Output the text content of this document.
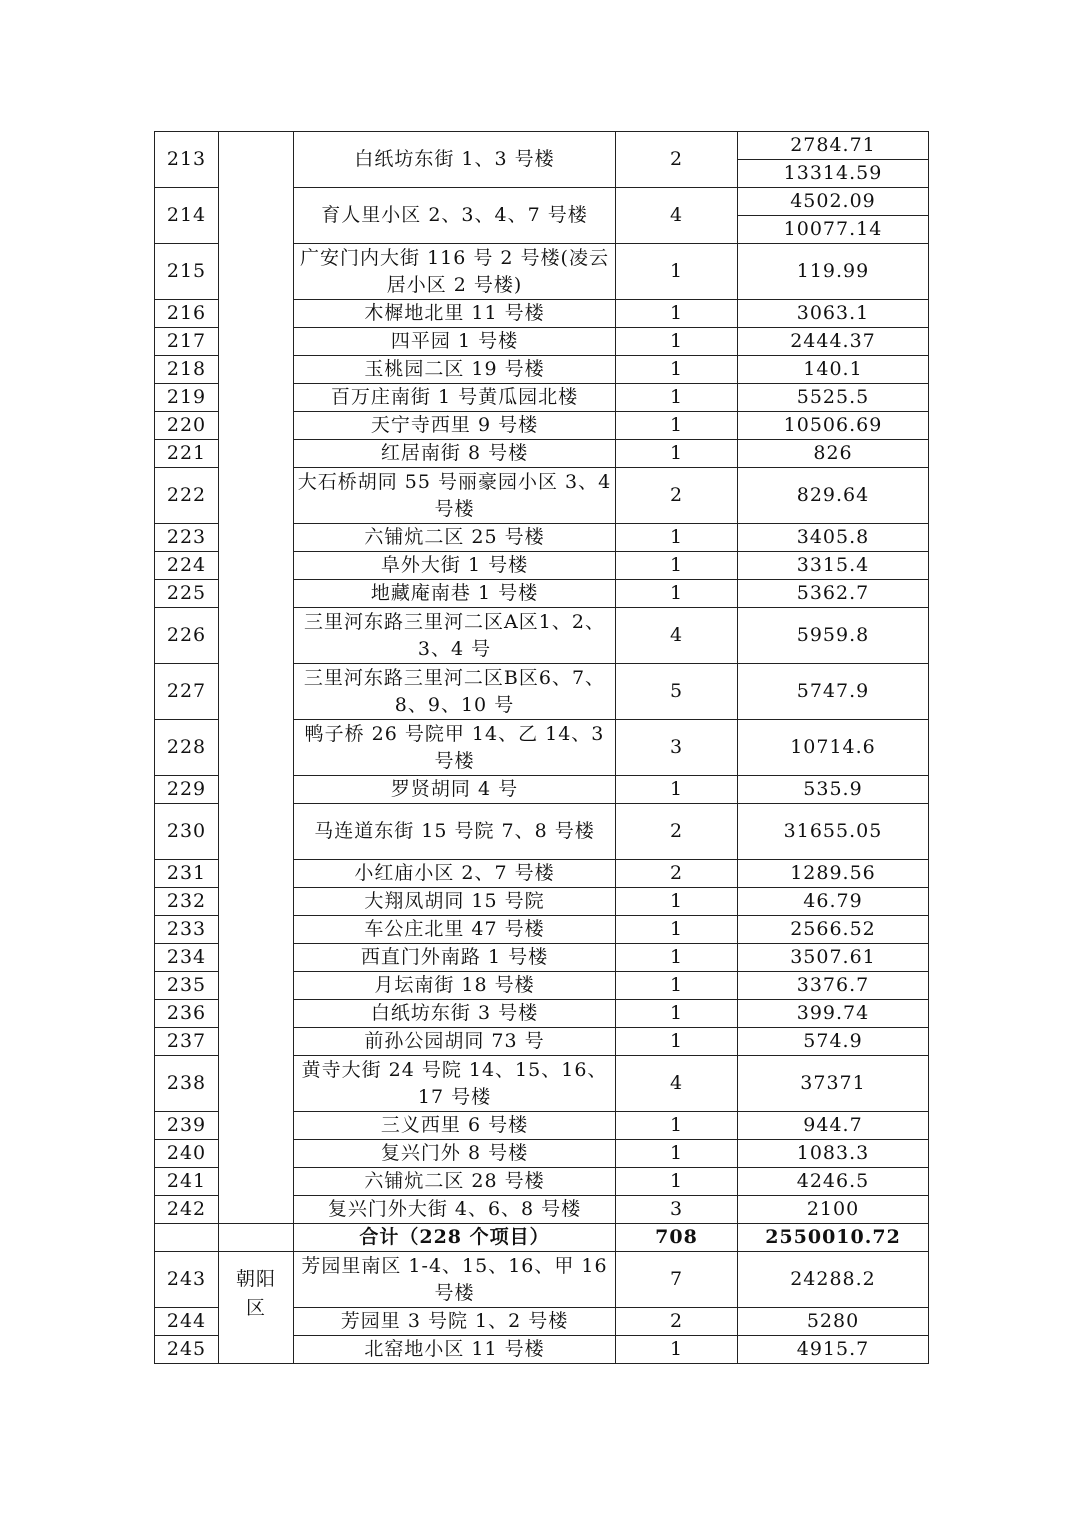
213		白纸坊东街 1、3 号楼	2	2784.71
				13314.59
214		育人里小区 2、3、4、7 号楼	4	4502.09
				10077.14
215		广安门内大街 116 号 2 号楼(凌云居小区 2 号楼)	1	119.99
216		木樨地北里 11 号楼	1	3063.1
217		四平园 1 号楼	1	2444.37
218		玉桃园二区 19 号楼	1	140.1
219		百万庄南街 1 号黄瓜园北楼	1	5525.5
220		天宁寺西里 9 号楼	1	10506.69
221		红居南街 8 号楼	1	826
222		大石桥胡同 55 号丽豪园小区 3、4 号楼	2	829.64
223		六铺炕二区 25 号楼	1	3405.8
224		阜外大街 1 号楼	1	3315.4
225		地藏庵南巷 1 号楼	1	5362.7
226		三里河东路三里河二区A区1、2、3、4 号	4	5959.8
227		三里河东路三里河二区B区6、7、8、9、10 号	5	5747.9
228		鸭子桥 26 号院甲 14、乙 14、3 号楼	3	10714.6
229		罗贤胡同 4 号	1	535.9
230		马连道东街 15 号院 7、8 号楼	2	31655.05
231		小红庙小区 2、7 号楼	2	1289.56
232		大翔凤胡同 15 号院	1	46.79
233		车公庄北里 47 号楼	1	2566.52
234		西直门外南路 1 号楼	1	3507.61
235		月坛南街 18 号楼	1	3376.7
236		白纸坊东街 3 号楼	1	399.74
237		前孙公园胡同 73 号	1	574.9
238		黄寺大街 24 号院 14、15、16、17 号楼	4	37371
239		三义西里 6 号楼	1	944.7
240		复兴门外 8 号楼	1	1083.3
241		六铺炕二区 28 号楼	1	4246.5
242		复兴门外大街 4、6、8 号楼	3	2100
		合计（228 个项目）	708	2550010.72
243	朝阳区	芳园里南区 1-4、15、16、甲 16 号楼	7	24288.2
244		芳园里 3 号院 1、2 号楼	2	5280
245		北窑地小区 11 号楼	1	4915.7
